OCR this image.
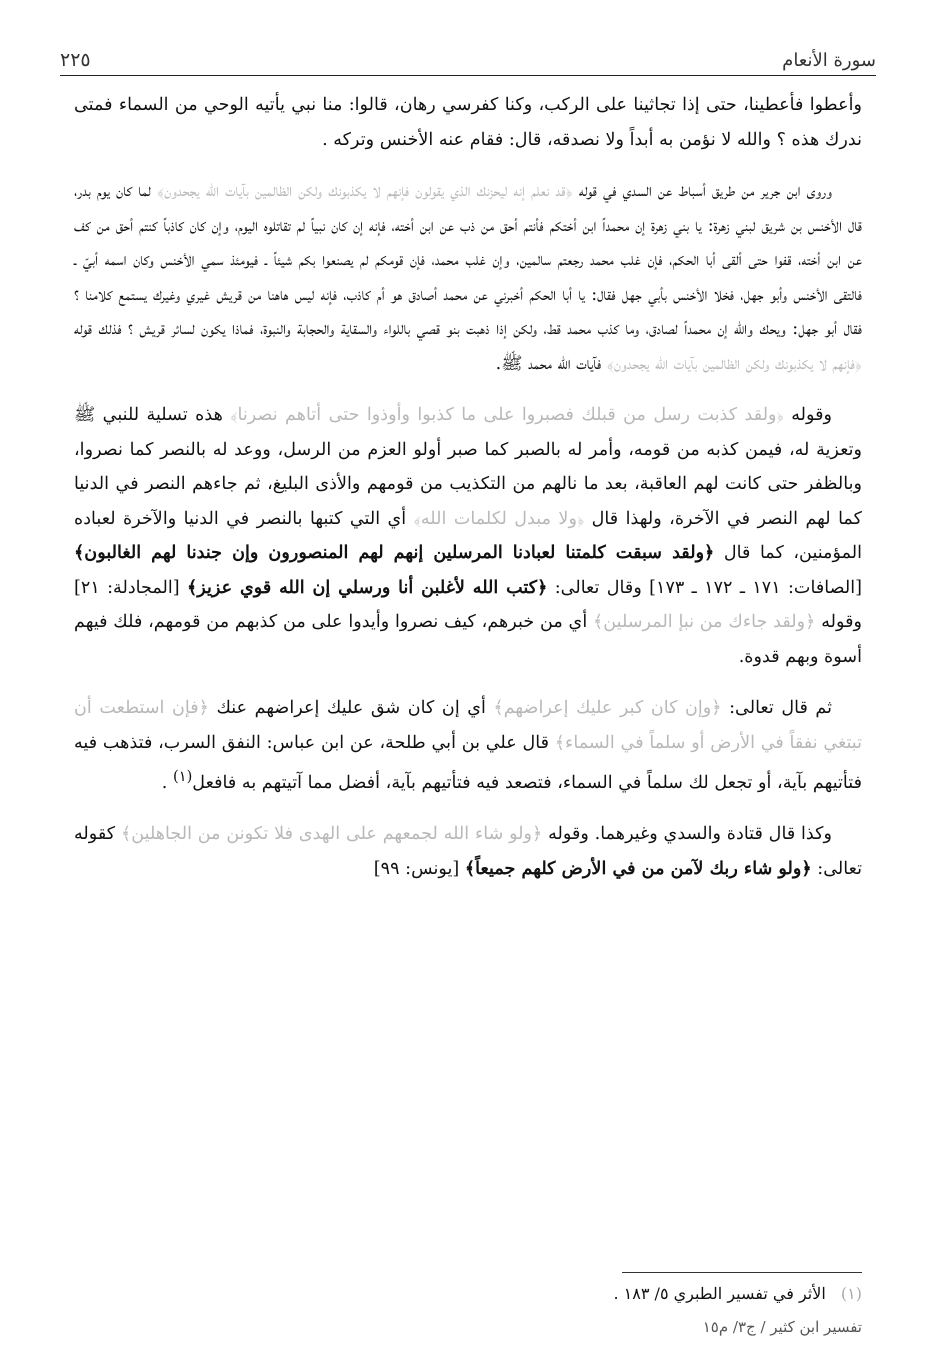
سورة الأنعام
٢٢٥

وأعطوا فأعطينا، حتى إذا تجاثينا على الركب، وكنا كفرسي رهان، قالوا: منا نبي يأتيه الوحي من السماء فمتى ندرك هذه ؟ والله لا نؤمن به أبداً ولا نصدقه، قال: فقام عنه الأخنس وتركه .

وروى ابن جرير من طريق أسباط عن السدي في قوله ﴿قد نعلم إنه ليحزنك الذي يقولون فإنهم لا يكذبونك ولكن الظالمين بآيات الله يجحدون﴾ لما كان يوم بدر، قال الأخنس بن شريق لبني زهرة: يا بني زهرة إن محمداً ابن أختكم فأنتم أحق من ذب عن ابن أخته، فإنه إن كان نبياً لم تقاتلوه اليوم، وإن كان كاذباً كنتم أحق من كف عن ابن أخته، قفوا حتى ألقى أبا الحكم، فإن غلب محمد رجعتم سالمين، وإن غلب محمد، فإن قومكم لم يصنعوا بكم شيئاً ـ فيومئذ سمي الأخنس وكان اسمه أبيّ ـ فالتقى الأخنس وأبو جهل، فخلا الأخنس بأبي جهل فقال: يا أبا الحكم أخبرني عن محمد أصادق هو أم كاذب، فإنه ليس هاهنا من قريش غيري وغيرك يستمع كلامنا ؟ فقال أبو جهل: ويحك والله إن محمداً لصادق، وما كذب محمد قط، ولكن إذا ذهبت بنو قصي باللواء والسقاية والحجابة والنبوة، فماذا يكون لسائر قريش ؟ فذلك قوله ﴿فإنهم لا يكذبونك ولكن الظالمين بآيات الله يجحدون﴾ فآيات الله محمد ﷺ.

وقوله ﴿ولقد كذبت رسل من قبلك فصبروا على ما كذبوا وأوذوا حتى أتاهم نصرنا﴾ هذه تسلية للنبي ﷺ وتعزية له، فيمن كذبه من قومه، وأمر له بالصبر كما صبر أولو العزم من الرسل، ووعد له بالنصر كما نصروا، وبالظفر حتى كانت لهم العاقبة، بعد ما نالهم من التكذيب من قومهم والأذى البليغ، ثم جاءهم النصر في الدنيا كما لهم النصر في الآخرة، ولهذا قال ﴿ولا مبدل لكلمات الله﴾ أي التي كتبها بالنصر في الدنيا والآخرة لعباده المؤمنين، كما قال ﴿ولقد سبقت كلمتنا لعبادنا المرسلين إنهم لهم المنصورون وإن جندنا لهم الغالبون﴾ [الصافات: ١٧١ ـ ١٧٢ ـ ١٧٣] وقال تعالى: ﴿كتب الله لأغلبن أنا ورسلي إن الله قوي عزيز﴾ [المجادلة: ٢١] وقوله ﴿ولقد جاءك من نبإ المرسلين﴾ أي من خبرهم، كيف نصروا وأيدوا على من كذبهم من قومهم، فلك فيهم أسوة وبهم قدوة.

ثم قال تعالى: ﴿وإن كان كبر عليك إعراضهم﴾ أي إن كان شق عليك إعراضهم عنك ﴿فإن استطعت أن تبتغي نفقاً في الأرض أو سلماً في السماء﴾ قال علي بن أبي طلحة، عن ابن عباس: النفق السرب، فتذهب فيه فتأتيهم بآية، أو تجعل لك سلماً في السماء، فتصعد فيه فتأتيهم بآية، أفضل مما آتيتهم به فافعل$^{(١)}$ .

وكذا قال قتادة والسدي وغيرهما. وقوله ﴿ولو شاء الله لجمعهم على الهدى فلا تكونن من الجاهلين﴾ كقوله تعالى: ﴿ولو شاء ربك لآمن من في الأرض كلهم جميعاً﴾ [يونس: ٩٩]

(١) الأثر في تفسير الطبري ٥/ ١٨٣ .
تفسير ابن كثير / ج٣/ م١٥
